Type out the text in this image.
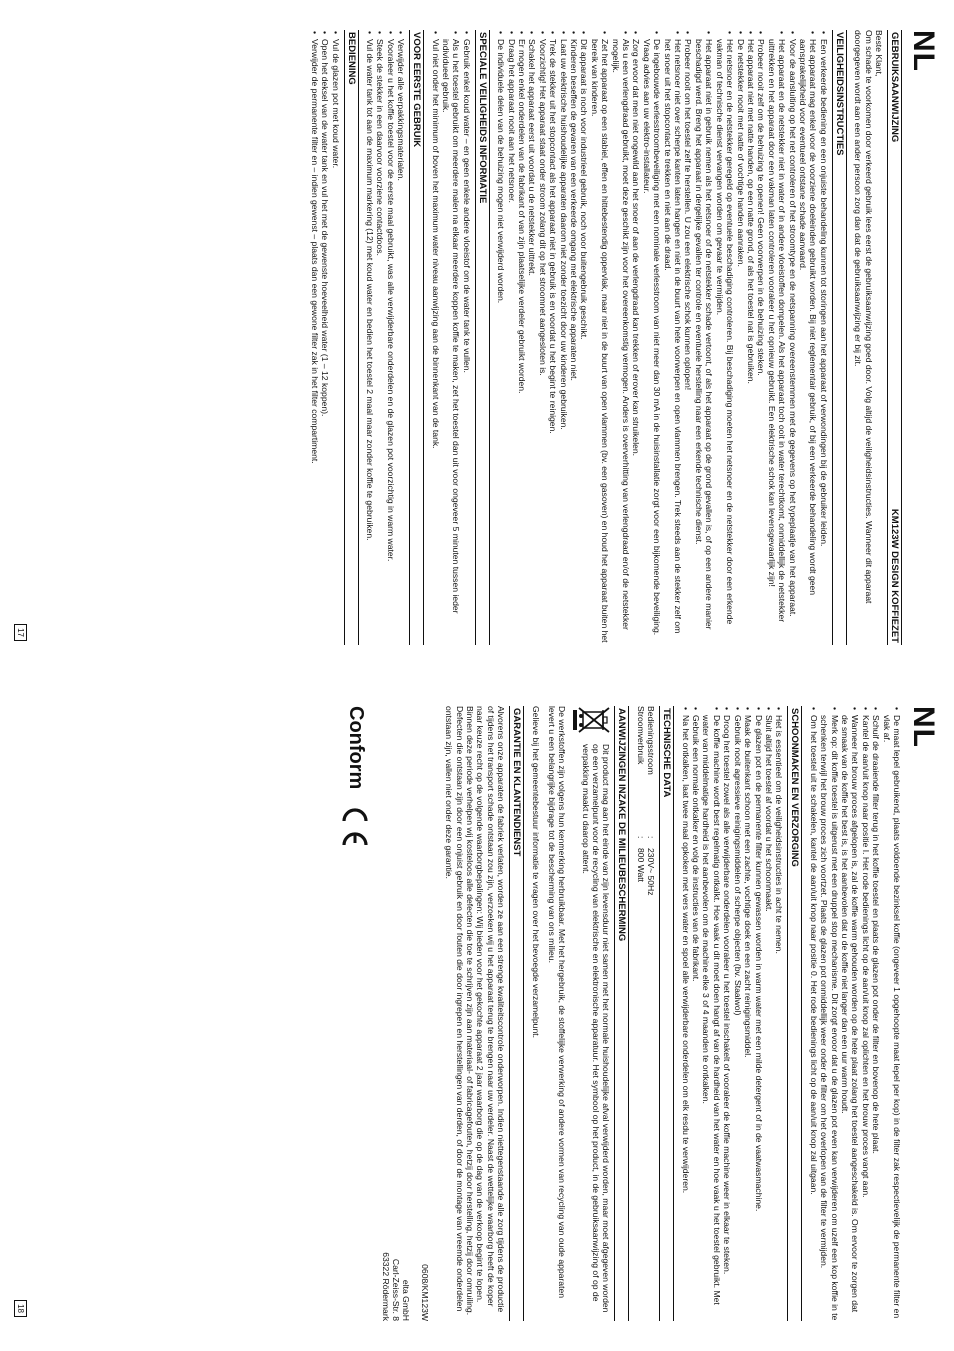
NL
GEBRUIKSAANWIJZING
KM123W DESIGN KOFFIEZET

Beste Klant,

Om schade te voorkomen door verkeerd gebruik lees eerst de gebruiksaanwijzing goed door. Volg altijd de veiligheidsinstructies. Wanneer dit apparaat doorgegeven wordt aan een ander persoon zorg dan dat de gebruiksaanwijzing er bij zit.

VEILIGHEIDSINSTRUCTIES
• Een verkeerde bediening en een onjuiste behandeling kunnen tot storingen aan het apparaat of verwondingen bij de gebruiker leiden.
• Het apparaat mag enkel voor de voorziene doeleinden gebruikt worden. Bij niet reglementair gebruik, of bij een verkeerde behandeling wordt geen aansprakelijkheid voor eventueel ontstane schade aanvaard.
• Voor de aansluiting op het net controleren of het stroomtype en de netspanning overeenstemmen met de gegevens op het typeplaatje van het apparaat.
• Het apparaat en de netstekker niet in water of in andere vloeistoffen dompelen. Als het apparaat toch ooit in water terechtkomt, onmiddellijk de netstekker uittrekken en het apparaat door een vakman laten controleren vooraleer u het opnieuw gebruikt. Een elektrische schok kan levensgevaarlijk zijn!
• Probeer nooit zelf om de behuizing te openen! Geen voorwerpen in de behuizing steken.
• Het apparaat niet met natte handen, op een natte grond, of als het toestel nat is gebruiken.
• De netstekker nooit met natte of vochtige handen aanraken.
• Het netsnoer en de netstekker geregeld op eventuele beschadiging controleren. Bij beschadiging moeten het netsnoer en de netstekker door een erkende vakman of technische dienst vervangen worden om gevaar te vermijden.
• Het apparaat niet in gebruik nemen als het netsnoer of de netstekker schade vertoont, of als het apparaat op de grond gevallen is, of op een andere manier beschadigd werd. Breng het apparaat in dergelijke gevallen ter controle en eventuele herstelling naar een erkende technische dienst.
• Probeer nooit om het toestel zelf te herstellen. U zou een elektrische schok kunnen oplopen!
• Het netsnoer niet over scherpe kanten laten hangen en niet in de buurt van hete voorwerpen en open vlammen brengen. Trek steeds aan de stekker zelf om het snoer uit het stopcontact te trekken en niet aan de draad.
• De ingebouwde verlesstroombeveiliging met een nominale verlesstroom van niet meer dan 30 mA in de huisinstallatie zorgt voor een bijkomende beveiliging. Vraag advies aan uw elektro-installateur.
• Zorg ervoor dat men niet ongewild aan het snoer of aan de verlengdraad kan trekken of erover kan struikelen.
• Als u een verlengdraad gebruikt, moet deze geschikt zijn voor het overeenkomstig vermogen. Anders is oververhitting van verlengdraad en/of de netstekker mogelijk.
• Zet het apparaat op een stabiel, effen en hittebestendig oppervlak, maar niet in de buurt van open vlammen (bv. een gasoven) en houd het apparaat buiten het bereik van kinderen.
• Dit apparaat is noch voor industrieel gebruik, noch voor buitengebruik geschikt.
• Kinderen beseffen de gevaren van een verkeerde omgang met elektrische apparaten niet.
• Laat uw elektrische huishoudelijke apparaten daarom niet zonder toezicht door uw kinderen gebruiken.
• Trek de stekker uit het stopcontact als het apparaat niet in gebruik is en voordat u het begint te reinigen.
• Voorzichtig! Het apparaat staat onder stroom zolang dit op het stroomnet aangesloten is.
• Schakel het apparaat eerst uit voordat u de netstekker uittrekt.
• Er mogen enkel onderdelen van de fabrikant of van zijn plaatselijke verdeler gebruikt worden.
• Draag het apparaat nooit aan het netsnoer.
• De individuele delen van de behuizing mogen niet verwijderd worden.
SPECIALE VEILIGHEIDS INFORMATIE
• Gebruik enkel koud water – en geen enkele andere vloeistof om de water tank te vullen.
• Als u het toestel gebruikt om meerdere malen na elkaar meerdere koppen koffie te maken, zet het toestel dan uit voor ongeveer 5 minuten tussen ieder individueel gebruik.
• Vul niet onder het minimum of boven het maximum water niveau aanwijzing aan de binnenkant van de tank.
VOOR EERSTE GEBRUIK
• Verwijder alle verpakkingsmaterialen.
• Vooraleer u het koffie toestel voor de eerste maal gebruikt, was alle verwijderbare onderdelen en de glazen pot voorzichtig in warm water.
• Steek de stekker in een daarvoor voorziene contactdoos.
• Vul de water tank tot aan de maximum markering (12) met koud water en bedien het toestel 2 maal maar zonder koffie te gebruiken.
BEDIENING
• Vul de glazen pot met koud water.
• Open het deksel van de water tank en vul het met de gewenste hoeveelheid water (1 – 12 koppen).
• Verwijder de permanente filter en – indien gewenst – plaats dan een gewone filter zak in het filter compartiment.
17
NL
• De maat lepel gebruikend, plaats voldoende bezinksel koffie (ongeveer 1 opgehoopte maat lepel per kop) in de filter zak respectievelijk de permanente filter en vlak af.
• Schuif de draaiende filter terug in het koffie toestel en plaats de glazen pot onder de filter en bovenop de hete plaat.
• Kantel de aan/uit knop naar positie I. Het rode bedienings licht op de aan/uit knop zal oplichten en het brouw proces vangt aan.
• Wanneer het brouw proces afgelopen is, zal de koffie warm gehouden worden op de hete plaat zolang het toestel aangeschakeld is. Om ervoor te zorgen dat de smaak van de koffie het best is, is het aanbevolen dat u de koffie niet langer dan een uur warm houdt.
• Merk op: dit koffie toestel is uitgerust met een druppel stop mechanisme. Dit zorgt ervoor dat u de glazen pot even kan verwijderen om uzelf een kop koffie in te schenken terwijl het brouw proces zich voortzet. Plaats de glazen pot onmiddellijk weer onder de filter om het overlopen van de filter te vermijden.
• Om het toestel uit te schakelen, kantel de aan/uit knop naar positie 0. Het rode bedienings licht op de aan/uit knop zal uitgaan.
SCHOONMAKEN EN VERZORGING
• Het is essentieel om de veiligheidsinstructies in acht te nemen.
• Sluit altijd het toestel af voordat u het schoonmaakt.
• De glazen pot en de permanente filter kunnen gewassen worden in warm water met een milde detergent of in de vaatwasmachine.
• Maak de buitenkant schoon met een zachte, vochtige doek en een zacht reinigingsmiddel.
• Gebruik nooit agressieve reinigingsmiddelen of scherpe objecten (bv. Staalwol)
• Droog het toestel zowel als alle verwijderbare onderdelen vooraleer u het toestel inschakelt of vooraleer de koffie machine weer in elkaar te steken.
• De koffie machine wordt best regelmatig ontkalkt. Hoe vaak u dit moet doen hangt af van de hardheid van het water en hoe vaak u het toestel gebruikt. Met water van middelmatige hardheid is het aanbevolen om de machine elke 3 of 4 maanden te ontkalken.
• Gebruik een normale ontkalker en volg de instructies van de fabrikant.
• Na het ontkalken, laat twee maal opkoken met vers water en spoel alle verwijderbare onderdelen om elk resdu te verwijderen.
TECHNISCHE DATA
Bedieningsstroom
:
230V~ 50Hz
Stroomverbruik
:
800 Watt
AANWIJZINGEN INZAKE DE MILIEUBESCHERMING

Dit product mag aan het einde van zijn levensduur niet samen met het normale huishoudelijke afval verwijderd worden, maar moet afgegeven worden op een verzamelpunt voor de recycling van elektrische en elektronische apparatuur. Het symbool op het product, in de gebruiksaanwijzing of op de verpakking maakt u daarop attent.

De werkstoffen zijn volgens hun kenmerking herbruikbaar. Met het hergebruik, de stoffelijke verwerking of andere vormen van recycling van oude apparaten levert u een belangrijke bijdrage tot de bescherming van ons milieu.

Gelieve bij het gemeentebestuur informatie te vragen over het bevoegde verzamelpunt.

GARANTIE EN KLANTENDIENST

Alvorens onze apparaten de fabriek verlaten, worden ze aan een strenge kwaliteitscontrole onderworpen. Indien niettegenstaande alle zorg tijdens de productie of tijdens het transport schade ontstaan zou zijn, verzoeken wij u het apparaat terug te brengen naar uw verdeler. Naast de wettelijke waarborg heeft de koper naar keuze recht op de volgende waarborgbepalingen: Wij bieden voor het gekochte apparaat 2 jaar waarborg die op de dag van de verkoop begint te lopen. Binnen deze periode verhelpen wij kosteloos alle defecten die toe te schrijven zijn aan materiaal- of fabricagefouten, hetzij door herstelling, hetzij door omruiling. Defecten die ontstaan zijn door een onjuist gebruik en door fouten die door ingrepen en herstellingen van derden, of door de montage van vreemde onderdelen ontstaan zijn, vallen niet onder deze garantie.

0608/KM123W
elta GmbH
Carl-Zeiss-Str. 8
63322 Rödermark
Conform
18
